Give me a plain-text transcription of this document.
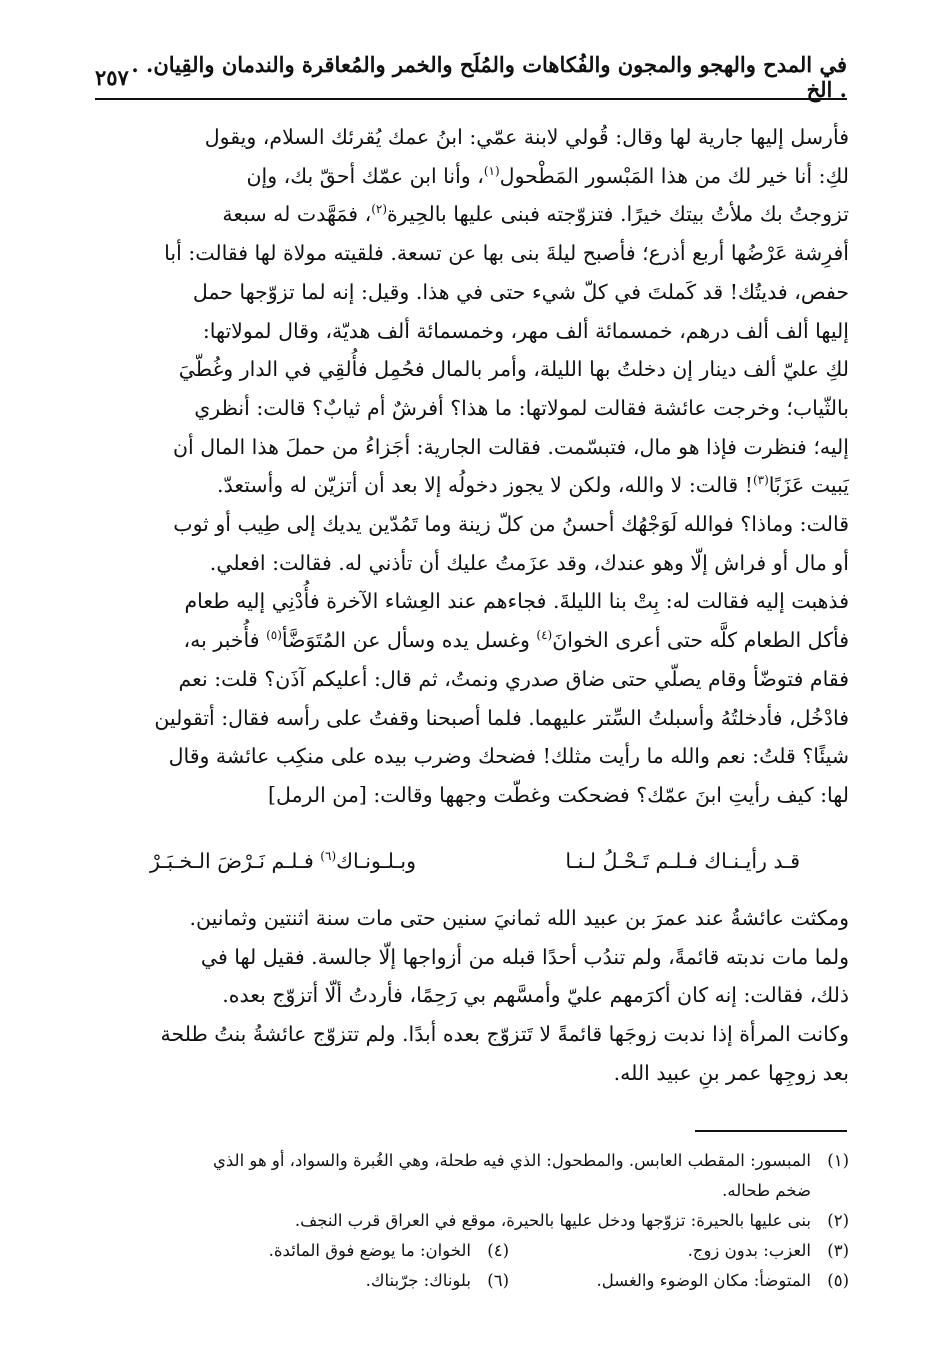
في المدح والهجو والمجون والفُكاهات والمُلَح والخمر والمُعاقرة والندمان والقِيان. . . الخ
٢٥٧

فأرسل إليها جارية لها وقال: قُولي لابنة عمّي: ابنُ عمك يُقرئك السلام، ويقول

لكِ: أنا خير لك من هذا المَبْسور المَطْحول$^{(١)}$، وأنا ابن عمّك أحقّ بك، وإن

تزوجتُ بك ملأتُ بيتك خيرًا. فتزوّجته فبنى عليها بالحِيرة$^{(٢)}$، فمَهَّدت له سبعة

أفرِشة عَرْضُها أربع أذرع؛ فأصبح ليلةَ بنى بها عن تسعة. فلقيته مولاة لها فقالت: أبا

حفص، فديتُك! قد كَملتَ في كلّ شيء حتى في هذا. وقيل: إنه لما تزوّجها حمل

إليها ألف ألف درهم، خمسمائة ألف مهر، وخمسمائة ألف هديّة، وقال لمولاتها:

لكِ عليّ ألف دينار إن دخلتُ بها الليلة، وأمر بالمال فحُمِل فأُلقِي في الدار وغُطّيَ

بالثّياب؛ وخرجت عائشة فقالت لمولاتها: ما هذا؟ أفرشٌ أم ثيابٌ؟ قالت: أنظري

إليه؛ فنظرت فإذا هو مال، فتبسّمت. فقالت الجارية: أجَزاءُ من حملَ هذا المال أن

يَبيت عَزَبًا$^{(٣)}$! قالت: لا والله، ولكن لا يجوز دخولُه إلا بعد أن أتزيّن له وأستعدّ.

قالت: وماذا؟ فوالله لَوَجْهُك أحسنُ من كلّ زينة وما تَمُدّين يديك إلى طِيب أو ثوب

أو مال أو فراش إلّا وهو عندك، وقد عزَمتُ عليك أن تأذني له. فقالت: افعلي.

فذهبت إليه فقالت له: بِتْ بنا الليلةَ. فجاءهم عند العِشاء الآخرة فأُدْنِي إليه طعام

فأكل الطعام كلَّه حتى أعرى الخوانَ$^{(٤)}$ وغسل يده وسأل عن المُتَوَضَّأ$^{(٥)}$ فأُخبر به،

فقام فتوضّأ وقام يصلّي حتى ضاق صدري ونمتُ، ثم قال: أعليكم آذَن؟ قلت: نعم

فادْخُل، فأدخلتُهُ وأسبلتُ السِّتر عليهما. فلما أصبحنا وقفتُ على رأسه فقال: أتقولين

شيئًا؟ قلتُ: نعم والله ما رأيت مثلك! فضحك وضرب بيده على منكِب عائشة وقال

لها: كيف رأيتِ ابنَ عمّك؟ فضحكت وغطّت وجهها وقالت: [من الرمل]

قـد رأيـنـاك فـلـم تَـحْـلُ لـنـا
وبـلـونـاك$^{(٦)}$ فـلـم نَـرْضَ الـخـبَـرْ

ومكثت عائشةُ عند عمرَ بن عبيد الله ثمانيَ سنين حتى مات سنة اثنتين وثمانين.

ولما مات ندبته قائمةً، ولم تندُب أحدًا قبله من أزواجها إلّا جالسة. فقيل لها في

ذلك، فقالت: إنه كان أكرَمهم عليّ وأمسَّهم بي رَحِمًا، فأردتُ ألّا أتزوّج بعده.

وكانت المرأة إذا ندبت زوجَها قائمةً لا تَتزوّج بعده أبدًا. ولم تتزوّج عائشةُ بنتُ طلحة

بعد زوجِها عمر بنِ عبيد الله.

(١)
المبسور: المقطب العابس. والمطحول: الذي فيه طحلة، وهي الغُبرة والسواد، أو هو الذي
ضخم طحاله.
(٢)
بنى عليها بالحيرة: تزوّجها ودخل عليها بالحيرة، موقع في العراق قرب النجف.
(٣)
العزب: بدون زوج.
(٤)
الخوان: ما يوضع فوق المائدة.
(٥)
المتوضأ: مكان الوضوء والغسل.
(٦)
بلوناك: جرّبناك.
